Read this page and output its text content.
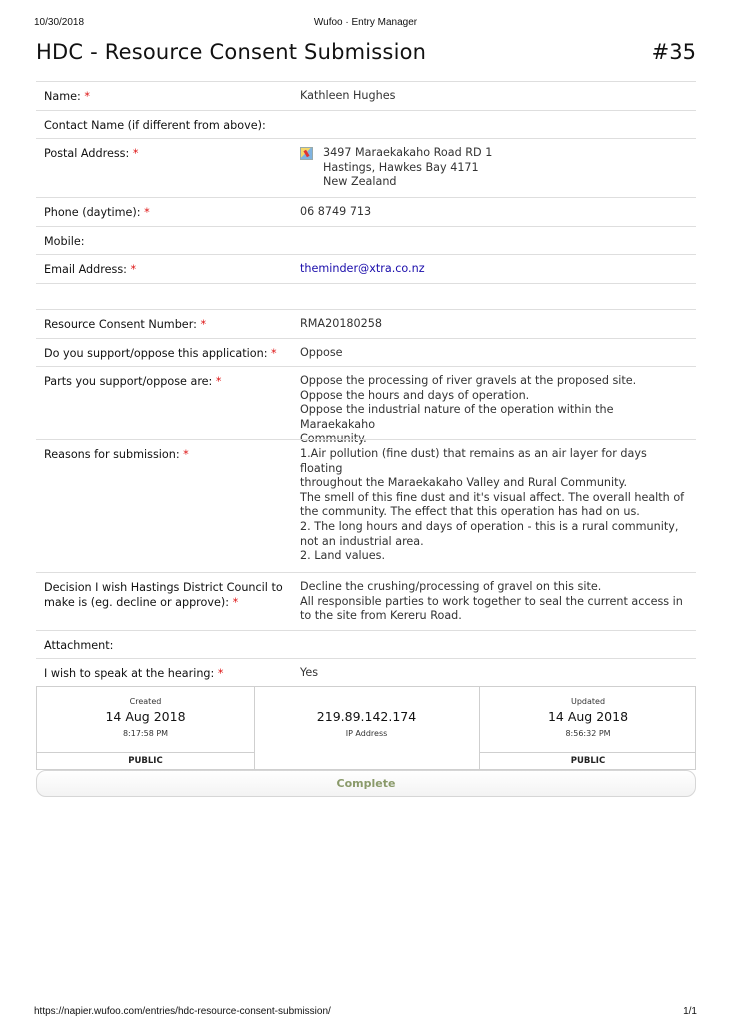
10/30/2018	Wufoo · Entry Manager
HDC - Resource Consent Submission	#35
Name: *	Kathleen Hughes
Contact Name (if different from above):
Postal Address: *	3497 Maraekakaho Road RD 1
Hastings, Hawkes Bay 4171
New Zealand
Phone (daytime): *	06 8749 713
Mobile:
Email Address: *	theminder@xtra.co.nz
Resource Consent Number: *	RMA20180258
Do you support/oppose this application: *	Oppose
Parts you support/oppose are: *	Oppose the processing of river gravels at the proposed site.
Oppose the hours and days of operation.
Oppose the industrial nature of the operation within the Maraekakaho
Community.
Reasons for submission: *	1.Air pollution (fine dust) that remains as an air layer for days floating
throughout the Maraekakaho Valley and Rural Community.
The smell of this fine dust and it's visual affect. The overall health of
the community. The effect that this operation has had on us.
2. The long hours and days of operation - this is a rural community,
not an industrial area.
2. Land values.
Decision I wish Hastings District Council to make is (eg. decline or approve): *
Decline the crushing/processing of gravel on this site.
All responsible parties to work together to seal the current access in
to the site from Kereru Road.
Attachment:
I wish to speak at the hearing: *	Yes
Created
14 Aug 2018
8:17:58 PM
PUBLIC
219.89.142.174
IP Address
Updated
14 Aug 2018
8:56:32 PM
PUBLIC
Complete
https://napier.wufoo.com/entries/hdc-resource-consent-submission/	1/1
